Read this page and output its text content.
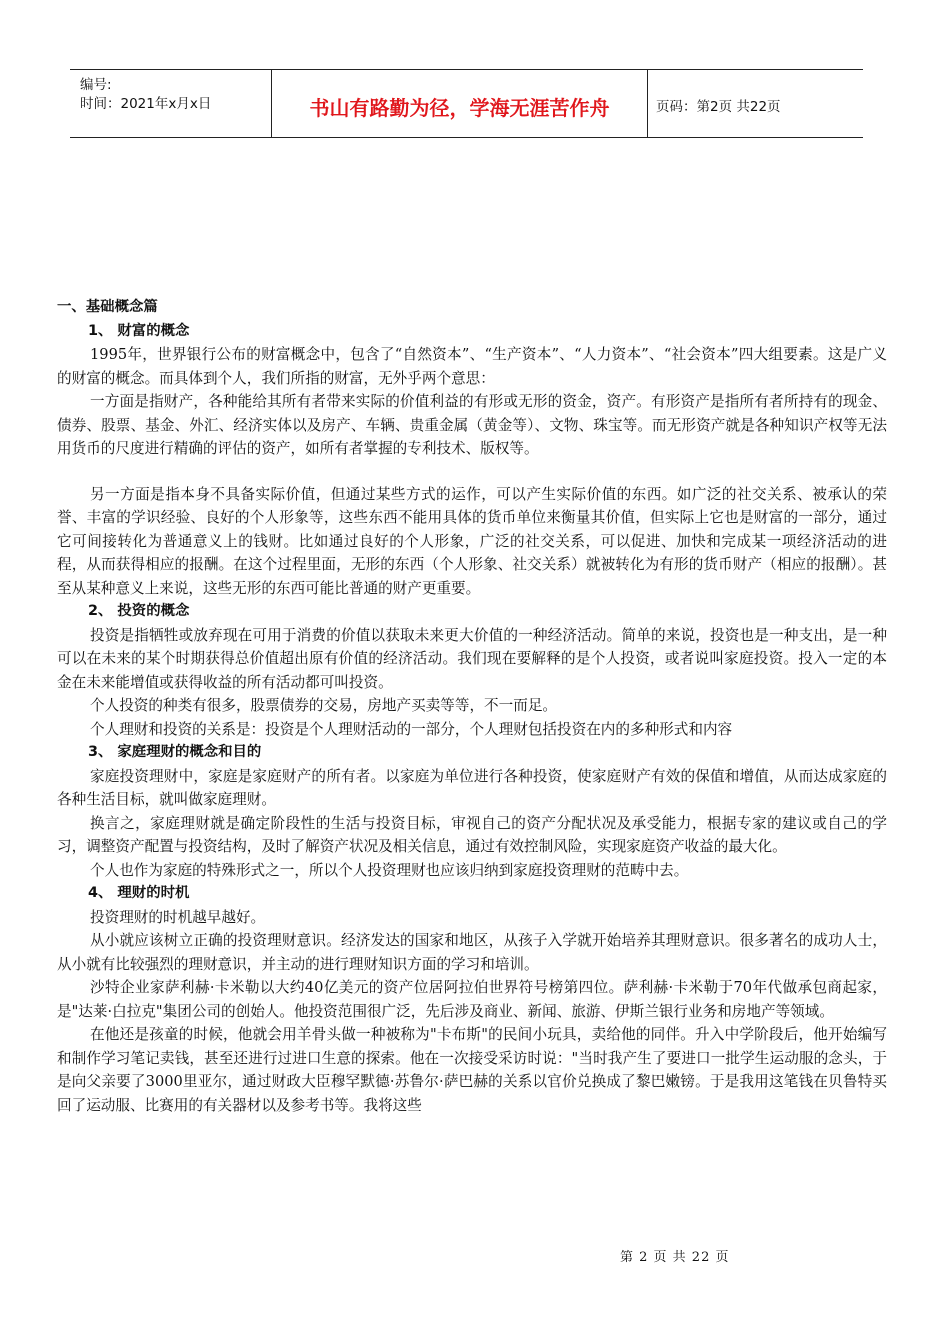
编号:
时间：2021年x月x日	书山有路勤为径，学海无涯苦作舟	页码：第2页 共22页

一、基础概念篇

1、 财富的概念

1995年，世界银行公布的财富概念中，包含了“自然资本”、“生产资本”、“人力资本”、“社会资本”四大组要素。这是广义的财富的概念。而具体到个人，我们所指的财富，无外乎两个意思：

一方面是指财产，各种能给其所有者带来实际的价值利益的有形或无形的资金，资产。有形资产是指所有者所持有的现金、债券、股票、基金、外汇、经济实体以及房产、车辆、贵重金属（黄金等）、文物、珠宝等。而无形资产就是各种知识产权等无法用货币的尺度进行精确的评估的资产，如所有者掌握的专利技术、版权等。

另一方面是指本身不具备实际价值，但通过某些方式的运作，可以产生实际价值的东西。如广泛的社交关系、被承认的荣誉、丰富的学识经验、良好的个人形象等，这些东西不能用具体的货币单位来衡量其价值，但实际上它也是财富的一部分，通过它可间接转化为普通意义上的钱财。比如通过良好的个人形象，广泛的社交关系，可以促进、加快和完成某一项经济活动的进程，从而获得相应的报酬。在这个过程里面，无形的东西（个人形象、社交关系）就被转化为有形的货币财产（相应的报酬）。甚至从某种意义上来说，这些无形的东西可能比普通的财产更重要。

2、 投资的概念

投资是指牺牲或放弃现在可用于消费的价值以获取未来更大价值的一种经济活动。简单的来说，投资也是一种支出，是一种可以在未来的某个时期获得总价值超出原有价值的经济活动。我们现在要解释的是个人投资，或者说叫家庭投资。投入一定的本金在未来能增值或获得收益的所有活动都可叫投资。

个人投资的种类有很多，股票债券的交易，房地产买卖等等，不一而足。

个人理财和投资的关系是：投资是个人理财活动的一部分，个人理财包括投资在内的多种形式和内容

3、 家庭理财的概念和目的

家庭投资理财中，家庭是家庭财产的所有者。以家庭为单位进行各种投资，使家庭财产有效的保值和增值，从而达成家庭的各种生活目标，就叫做家庭理财。

换言之，家庭理财就是确定阶段性的生活与投资目标，审视自己的资产分配状况及承受能力，根据专家的建议或自己的学习，调整资产配置与投资结构，及时了解资产状况及相关信息，通过有效控制风险，实现家庭资产收益的最大化。

个人也作为家庭的特殊形式之一，所以个人投资理财也应该归纳到家庭投资理财的范畴中去。

4、 理财的时机

投资理财的时机越早越好。

从小就应该树立正确的投资理财意识。经济发达的国家和地区，从孩子入学就开始培养其理财意识。很多著名的成功人士，从小就有比较强烈的理财意识，并主动的进行理财知识方面的学习和培训。

沙特企业家萨利赫·卡米勒以大约40亿美元的资产位居阿拉伯世界符号榜第四位。萨利赫·卡米勒于70年代做承包商起家，是"达莱·白拉克"集团公司的创始人。他投资范围很广泛，先后涉及商业、新闻、旅游、伊斯兰银行业务和房地产等领域。

在他还是孩童的时候，他就会用羊骨头做一种被称为"卡布斯"的民间小玩具，卖给他的同伴。升入中学阶段后，他开始编写和制作学习笔记卖钱，甚至还进行过进口生意的探索。他在一次接受采访时说："当时我产生了要进口一批学生运动服的念头，于是向父亲要了3000里亚尔，通过财政大臣穆罕默德·苏鲁尔·萨巴赫的关系以官价兑换成了黎巴嫩镑。于是我用这笔钱在贝鲁特买回了运动服、比赛用的有关器材以及参考书等。我将这些

第 2 页 共 22 页
